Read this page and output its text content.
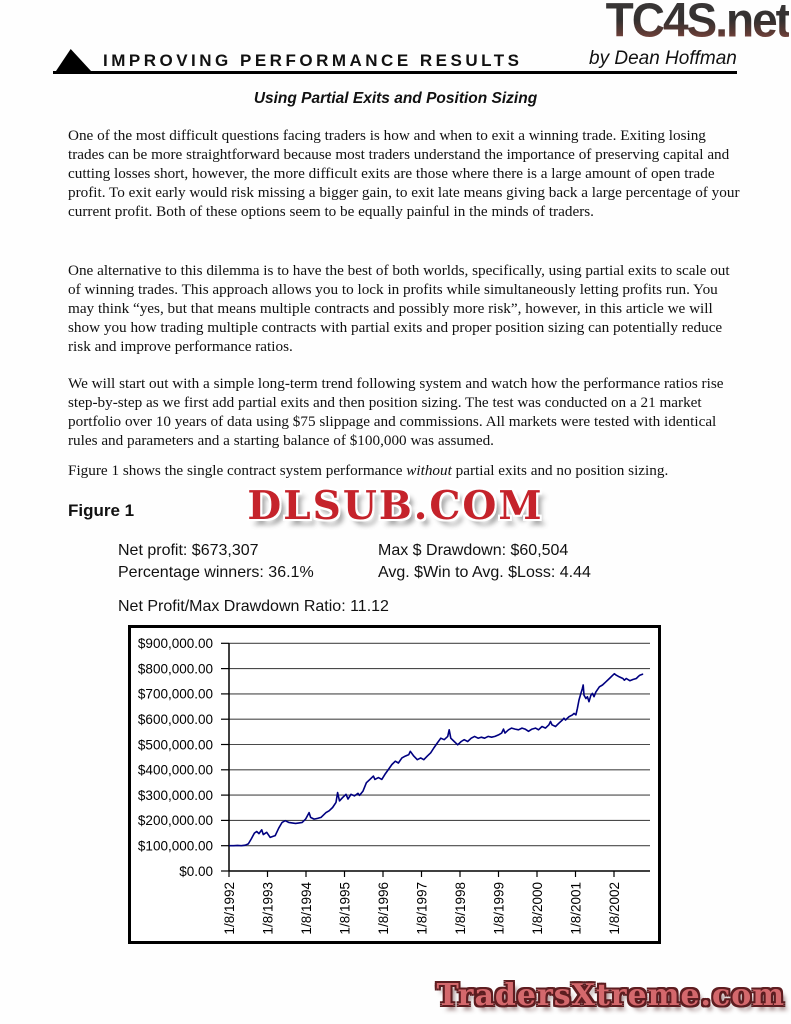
TC4S.net
IMPROVING PERFORMANCE RESULTS	by Dean Hoffman
Using Partial Exits and Position Sizing
One of the most difficult questions facing traders is how and when to exit a winning trade. Exiting losing trades can be more straightforward because most traders understand the importance of preserving capital and cutting losses short, however, the more difficult exits are those where there is a large amount of open trade profit. To exit early would risk missing a bigger gain, to exit late means giving back a large percentage of your current profit. Both of these options seem to be equally painful in the minds of traders.
One alternative to this dilemma is to have the best of both worlds, specifically, using partial exits to scale out of winning trades. This approach allows you to lock in profits while simultaneously letting profits run. You may think “yes, but that means multiple contracts and possibly more risk”, however, in this article we will show you how trading multiple contracts with partial exits and proper position sizing can potentially reduce risk and improve performance ratios.
We will start out with a simple long-term trend following system and watch how the performance ratios rise step-by-step as we first add partial exits and then position sizing. The test was conducted on a 21 market portfolio over 10 years of data using $75 slippage and commissions. All markets were tested with identical rules and parameters and a starting balance of $100,000 was assumed.
Figure 1 shows the single contract system performance without partial exits and no position sizing.
Figure 1	DLSUB.COM
Net profit: $673,307
Percentage winners: 36.1%
Max $ Drawdown: $60,504
Avg. $Win to Avg. $Loss: 4.44
Net Profit/Max Drawdown Ratio: 11.12
$900,000.00
$800,000.00
$700,000.00
$600,000.00
$500,000.00
$400,000.00
$300,000.00
$200,000.00
$100,000.00
$0.00
1/8/1992 1/8/1993 1/8/1994 1/8/1995 1/8/1996 1/8/1997 1/8/1998 1/8/1999 1/8/2000 1/8/2001 1/8/2002
TradersXtreme.com
